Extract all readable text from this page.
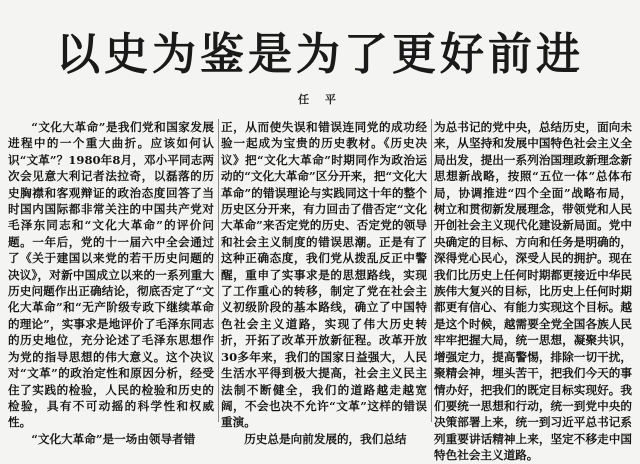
以史为鉴是为了更好前进
任 平

“文化大革命”是我们党和国家发展进程中的一个重大曲折。应该如何认识“文革”？1980年8月，邓小平同志两次会见意大利记者法拉奇，以磊落的历史胸襟和客观辩证的政治态度回答了当时国内国际都非常关注的中国共产党对毛泽东同志和“文化大革命”的评价问题。一年后，党的十一届六中全会通过了《关于建国以来党的若干历史问题的决议》，对新中国成立以来的一系列重大历史问题作出正确结论，彻底否定了“文化大革命”和“无产阶级专政下继续革命的理论”，实事求是地评价了毛泽东同志的历史地位，充分论述了毛泽东思想作为党的指导思想的伟大意义。这个决议对“文革”的政治定性和原因分析，经受住了实践的检验，人民的检验和历史的检验，具有不可动摇的科学性和权威性。

“文化大革命”是一场由领导者错

正，从而使失误和错误连同党的成功经验一起成为宝贵的历史教材。《历史决议》把“文化大革命”时期同作为政治运动的“文化大革命”区分开来，把“文化大革命”的错误理论与实践同这十年的整个历史区分开来，有力回击了借否定“文化大革命”来否定党的历史、否定党的领导和社会主义制度的错误思潮。正是有了这种正确态度，我们党从拨乱反正中警醒，重申了实事求是的思想路线，实现了工作重心的转移，制定了党在社会主义初级阶段的基本路线，确立了中国特色社会主义道路，实现了伟大历史转折，开拓了改革开放新征程。改革开放30多年来，我们的国家日益强大，人民生活水平得到极大提高，社会主义民主法制不断健全，我们的道路越走越宽阔，不会也决不允许“文革”这样的错误重演。

历史总是向前发展的，我们总结

为总书记的党中央，总结历史，面向未来，从坚持和发展中国特色社会主义全局出发，提出一系列治国理政新理念新思想新战略，按照“五位一体”总体布局，协调推进“四个全面”战略布局，树立和贯彻新发展理念，带领党和人民开创社会主义现代化建设新局面。党中央确定的目标、方向和任务是明确的，深得党心民心，深受人民的拥护。现在我们比历史上任何时期都更接近中华民族伟大复兴的目标，比历史上任何时期都更有信心、有能力实现这个目标。越是这个时候，越需要全党全国各族人民牢牢把握大局，统一思想，凝聚共识，增强定力，提高警惕，排除一切干扰，聚精会神，埋头苦干，把我们今天的事情办好，把我们的既定目标实现好。我们要统一思想和行动，统一到党中央的决策部署上来，统一到习近平总书记系列重要讲话精神上来，坚定不移走中国特色社会主义道路。
